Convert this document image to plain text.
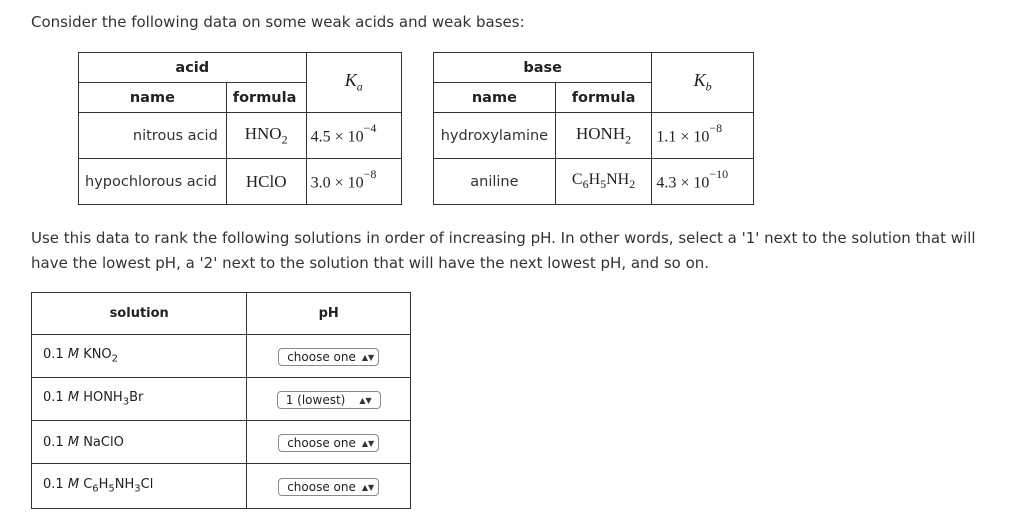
Consider the following data on some weak acids and weak bases:
acid		$K_a$
name	formula	
nitrous acid	$HNO_2$	$4.5 \times 10^{-4}$
hypochlorous acid	HClO	$3.0 \times 10^{-8}$
base		$K_b$
name	formula	
hydroxylamine	$HONH_2$	$1.1 \times 10^{-8}$
aniline	$C_6H_5NH_2$	$4.3 \times 10^{-10}$
Use this data to rank the following solutions in order of increasing pH. In other words, select a '1' next to the solution that will
have the lowest pH, a '2' next to the solution that will have the next lowest pH, and so on.
solution	pH
0.1 M $KNO_2$	choose one ▲▼
0.1 M $HONH_3Br$	1 (lowest) ▲▼
0.1 M NaClO	choose one ▲▼
0.1 M $C_6H_5NH_3Cl$	choose one ▲▼
